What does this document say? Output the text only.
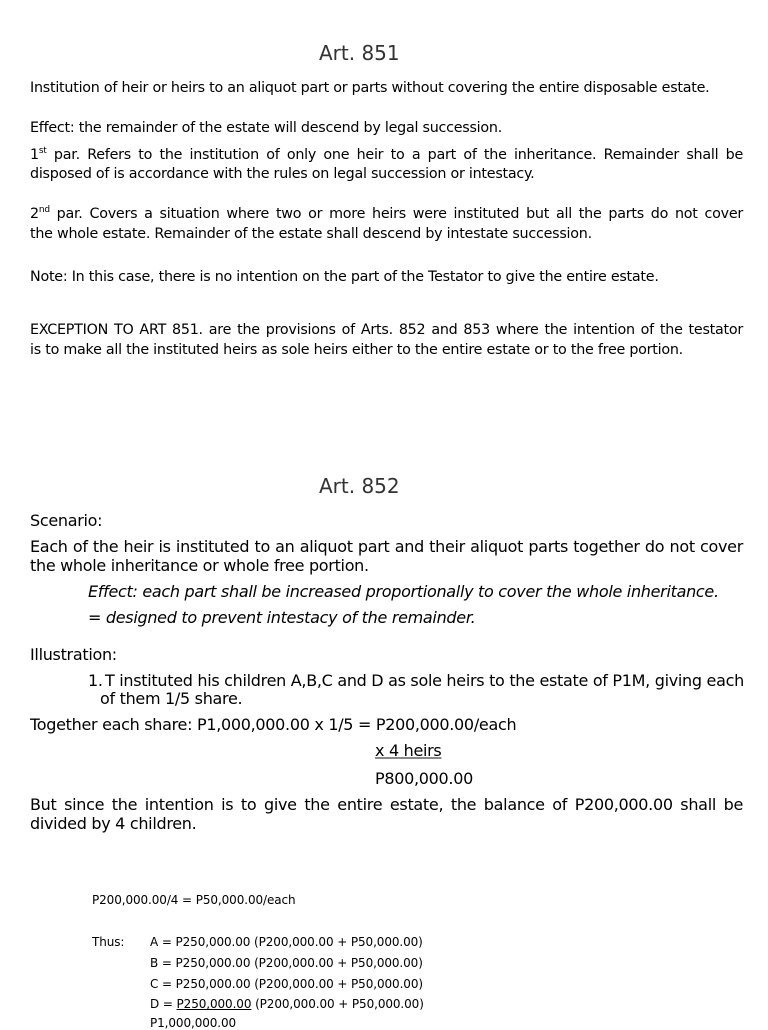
Art. 851
Institution of heir or heirs to an aliquot part or parts without covering the entire disposable estate.
Effect: the remainder of the estate will descend by legal succession.
1st par. Refers to the institution of only one heir to a part of the inheritance. Remainder shall be
disposed of is accordance with the rules on legal succession or intestacy.
2nd par. Covers a situation where two or more heirs were instituted but all the parts do not cover
the whole estate. Remainder of the estate shall descend by intestate succession.
Note: In this case, there is no intention on the part of the Testator to give the entire estate.
EXCEPTION TO ART 851. are the provisions of Arts. 852 and 853 where the intention of the testator
is to make all the instituted heirs as sole heirs either to the entire estate or to the free portion.
Art. 852
Scenario:
Each of the heir is instituted to an aliquot part and their aliquot parts together do not cover
the whole inheritance or whole free portion.
Effect: each part shall be increased proportionally to cover the whole inheritance.
= designed to prevent intestacy of the remainder.
Illustration:
1. T instituted his children A,B,C and D as sole heirs to the estate of P1M, giving each
of them 1/5 share.
Together each share: P1,000,000.00 x 1/5 = P200,000.00/each
x 4 heirs
P800,000.00
But since the intention is to give the entire estate, the balance of P200,000.00 shall be
divided by 4 children.
P200,000.00/4 = P50,000.00/each
Thus: A = P250,000.00 (P200,000.00 + P50,000.00)
B = P250,000.00 (P200,000.00 + P50,000.00)
C = P250,000.00 (P200,000.00 + P50,000.00)
D = P250,000.00 (P200,000.00 + P50,000.00)
P1,000,000.00
